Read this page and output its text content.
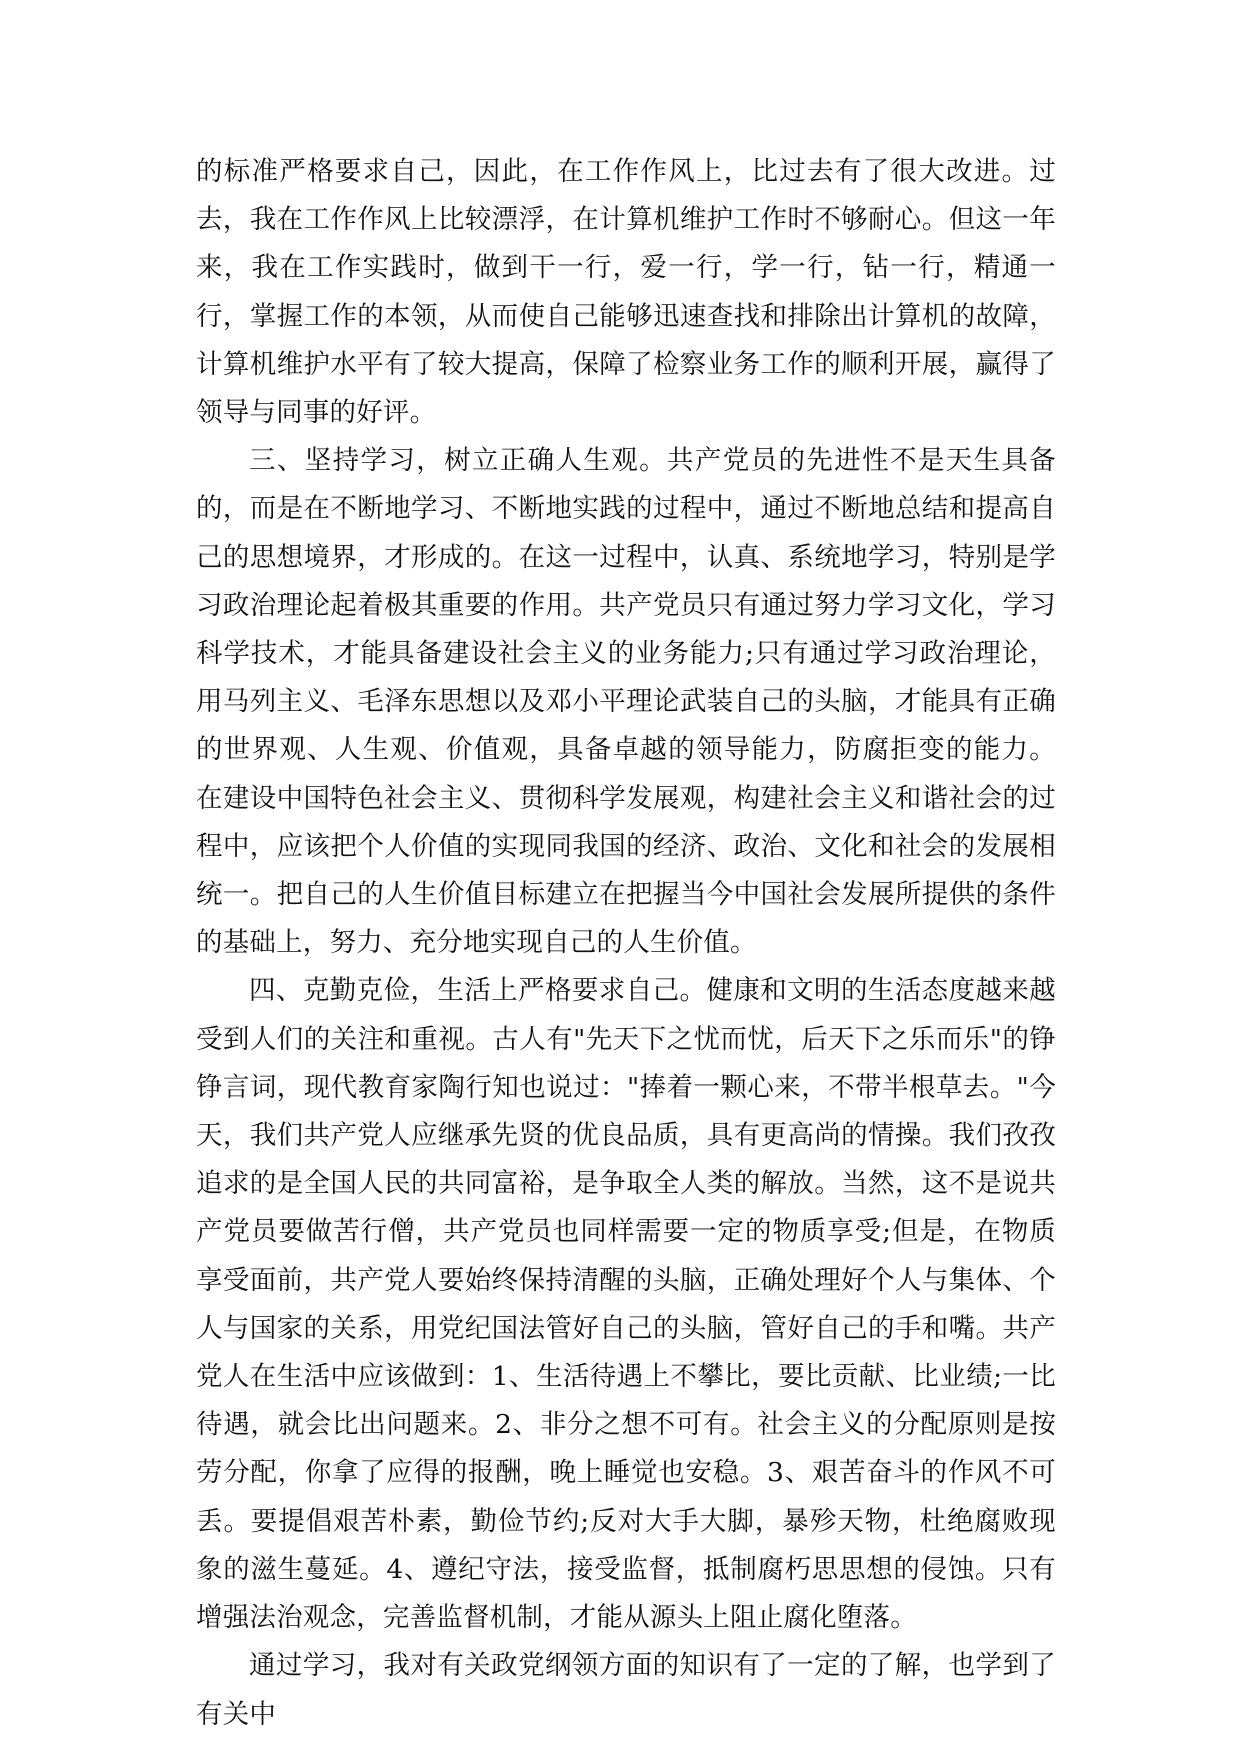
的标准严格要求自己，因此，在工作作风上，比过去有了很大改进。过去，我在工作作风上比较漂浮，在计算机维护工作时不够耐心。但这一年来，我在工作实践时，做到干一行，爱一行，学一行，钻一行，精通一行，掌握工作的本领，从而使自己能够迅速查找和排除出计算机的故障，计算机维护水平有了较大提高，保障了检察业务工作的顺利开展，赢得了领导与同事的好评。

三、坚持学习，树立正确人生观。共产党员的先进性不是天生具备的，而是在不断地学习、不断地实践的过程中，通过不断地总结和提高自己的思想境界，才形成的。在这一过程中，认真、系统地学习，特别是学习政治理论起着极其重要的作用。共产党员只有通过努力学习文化，学习科学技术，才能具备建设社会主义的业务能力;只有通过学习政治理论，用马列主义、毛泽东思想以及邓小平理论武装自己的头脑，才能具有正确的世界观、人生观、价值观，具备卓越的领导能力，防腐拒变的能力。 在建设中国特色社会主义、贯彻科学发展观，构建社会主义和谐社会的过程中，应该把个人价值的实现同我国的经济、政治、文化和社会的发展相统一。把自己的人生价值目标建立在把握当今中国社会发展所提供的条件的基础上，努力、充分地实现自己的人生价值。

四、克勤克俭，生活上严格要求自己。健康和文明的生活态度越来越受到人们的关注和重视。古人有"先天下之忧而忧，后天下之乐而乐"的铮铮言词，现代教育家陶行知也说过："捧着一颗心来，不带半根草去。"今天，我们共产党人应继承先贤的优良品质，具有更高尚的情操。我们孜孜追求的是全国人民的共同富裕，是争取全人类的解放。当然，这不是说共产党员要做苦行僧，共产党员也同样需要一定的物质享受;但是，在物质享受面前，共产党人要始终保持清醒的头脑，正确处理好个人与集体、个人与国家的关系，用党纪国法管好自己的头脑，管好自己的手和嘴。共产党人在生活中应该做到：1、生活待遇上不攀比，要比贡献、比业绩;一比待遇，就会比出问题来。2、非分之想不可有。社会主义的分配原则是按劳分配，你拿了应得的报酬，晚上睡觉也安稳。3、艰苦奋斗的作风不可丢。要提倡艰苦朴素，勤俭节约;反对大手大脚，暴殄天物，杜绝腐败现象的滋生蔓延。4、遵纪守法，接受监督，抵制腐朽思思想的侵蚀。只有增强法治观念，完善监督机制，才能从源头上阻止腐化堕落。

通过学习，我对有关政党纲领方面的知识有了一定的了解，也学到了有关中
